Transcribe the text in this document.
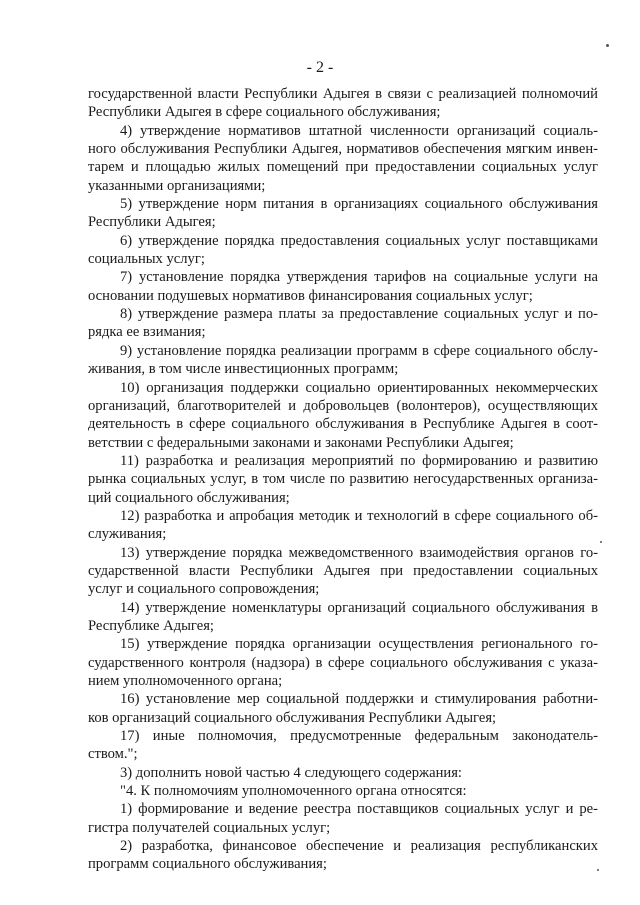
- 2 -
государственной власти Республики Адыгея в связи с реализацией полномочий
Республики Адыгея в сфере социального обслуживания;
4) утверждение нормативов штатной численности организаций социаль-
ного обслуживания Республики Адыгея, нормативов обеспечения мягким инвен-
тарем и площадью жилых помещений при предоставлении социальных услуг
указанными организациями;
5) утверждение норм питания в организациях социального обслуживания
Республики Адыгея;
6) утверждение порядка предоставления социальных услуг поставщиками
социальных услуг;
7) установление порядка утверждения тарифов на социальные услуги на
основании подушевых нормативов финансирования социальных услуг;
8) утверждение размера платы за предоставление социальных услуг и по-
рядка ее взимания;
9) установление порядка реализации программ в сфере социального обслу-
живания, в том числе инвестиционных программ;
10) организация поддержки социально ориентированных некоммерческих
организаций, благотворителей и добровольцев (волонтеров), осуществляющих
деятельность в сфере социального обслуживания в Республике Адыгея в соот-
ветствии с федеральными законами и законами Республики Адыгея;
11) разработка и реализация мероприятий по формированию и развитию
рынка социальных услуг, в том числе по развитию негосударственных организа-
ций социального обслуживания;
12) разработка и апробация методик и технологий в сфере социального об-
служивания;
13) утверждение порядка межведомственного взаимодействия органов го-
сударственной власти Республики Адыгея при предоставлении социальных
услуг и социального сопровождения;
14) утверждение номенклатуры организаций социального обслуживания в
Республике Адыгея;
15) утверждение порядка организации осуществления регионального го-
сударственного контроля (надзора) в сфере социального обслуживания с указа-
нием уполномоченного органа;
16) установление мер социальной поддержки и стимулирования работни-
ков организаций социального обслуживания Республики Адыгея;
17) иные полномочия, предусмотренные федеральным законодатель-
ством.";
3) дополнить новой частью 4 следующего содержания:
"4. К полномочиям уполномоченного органа относятся:
1) формирование и ведение реестра поставщиков социальных услуг и ре-
гистра получателей социальных услуг;
2) разработка, финансовое обеспечение и реализация республиканских
программ социального обслуживания;
